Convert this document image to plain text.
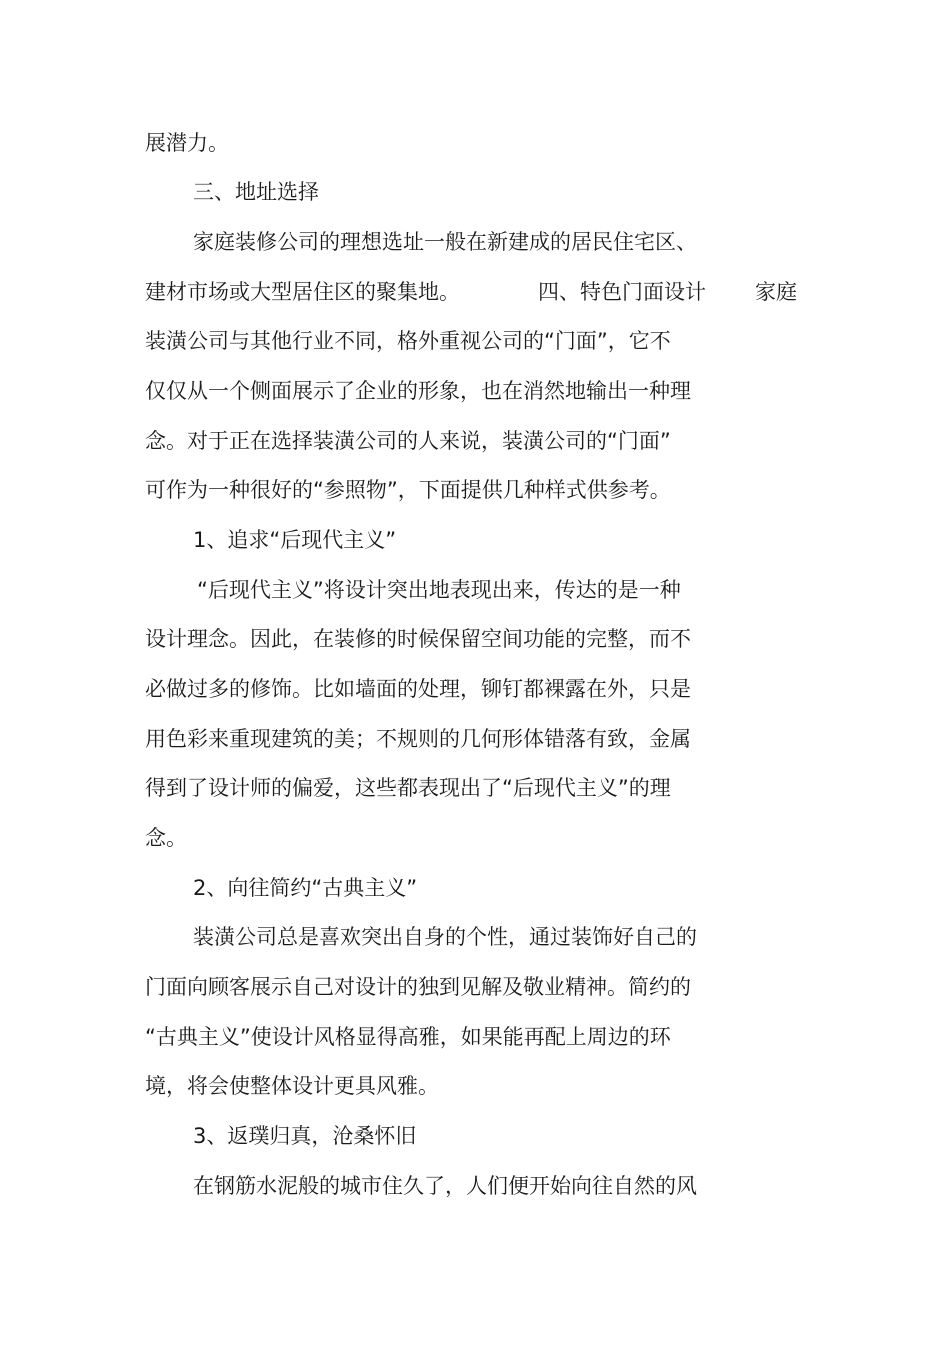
展潜力。
三、地址选择
家庭装修公司的理想选址一般在新建成的居民住宅区、
建材市场或大型居住区的聚集地。	四、特色门面设计 家庭
装潢公司与其他行业不同，格外重视公司的“门面”，它不
仅仅从一个侧面展示了企业的形象，也在消然地输出一种理
念。对于正在选择装潢公司的人来说，装潢公司的“门面”
可作为一种很好的“参照物”，下面提供几种样式供参考。
1、追求“后现代主义”
“后现代主义”将设计突出地表现出来，传达的是一种
设计理念。因此，在装修的时候保留空间功能的完整，而不
必做过多的修饰。比如墙面的处理，铆钉都裸露在外，只是
用色彩来重现建筑的美；不规则的几何形体错落有致，金属
得到了设计师的偏爱，这些都表现出了“后现代主义”的理
念。
2、向往简约“古典主义”
装潢公司总是喜欢突出自身的个性，通过装饰好自己的
门面向顾客展示自己对设计的独到见解及敬业精神。简约的
“古典主义”使设计风格显得高雅，如果能再配上周边的环
境，将会使整体设计更具风雅。
3、返璞归真，沧桑怀旧
在钢筋水泥般的城市住久了，人们便开始向往自然的风
